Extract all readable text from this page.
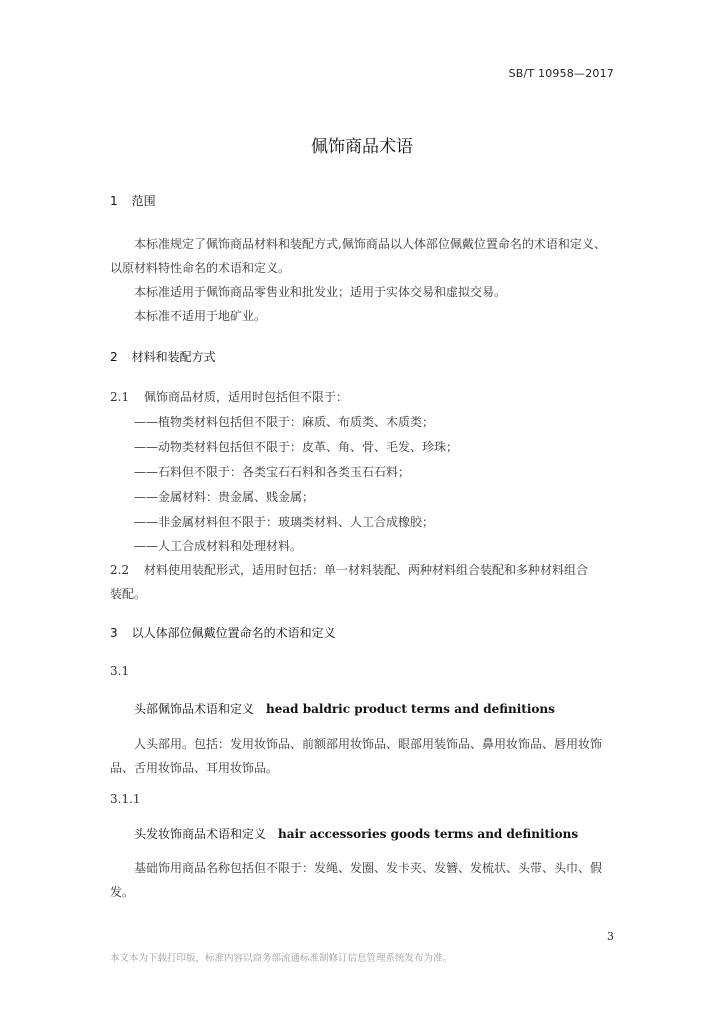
SB/T 10958—2017
佩饰商品术语
1 范围
本标准规定了佩饰商品材料和装配方式,佩饰商品以人体部位佩戴位置命名的术语和定义、以原材料特性命名的术语和定义。
本标准适用于佩饰商品零售业和批发业；适用于实体交易和虚拟交易。
本标准不适用于地矿业。
2 材料和装配方式
2.1 佩饰商品材质，适用时包括但不限于：
——植物类材料包括但不限于：麻质、布质类、木质类；
——动物类材料包括但不限于：皮革、角、骨、毛发、珍珠；
——石料但不限于：各类宝石石料和各类玉石石料；
——金属材料：贵金属、贱金属；
——非金属材料但不限于：玻璃类材料、人工合成橡胶；
——人工合成材料和处理材料。
2.2 材料使用装配形式，适用时包括：单一材料装配、两种材料组合装配和多种材料组合
装配。
3 以人体部位佩戴位置命名的术语和定义
3.1
头部佩饰品术语和定义 head baldric product terms and definitions
人头部用。包括：发用妆饰品、前额部用妆饰品、眼部用装饰品、鼻用妆饰品、唇用妆饰品、舌用妆饰品、耳用妆饰品。
3.1.1
头发妆饰商品术语和定义 hair accessories goods terms and definitions
基础饰用商品名称包括但不限于：发绳、发圈、发卡夹、发簪、发梳状、头带、头巾、假发。
3
本文本为下载打印版，标准内容以商务部流通标准制修订信息管理系统发布为准。
